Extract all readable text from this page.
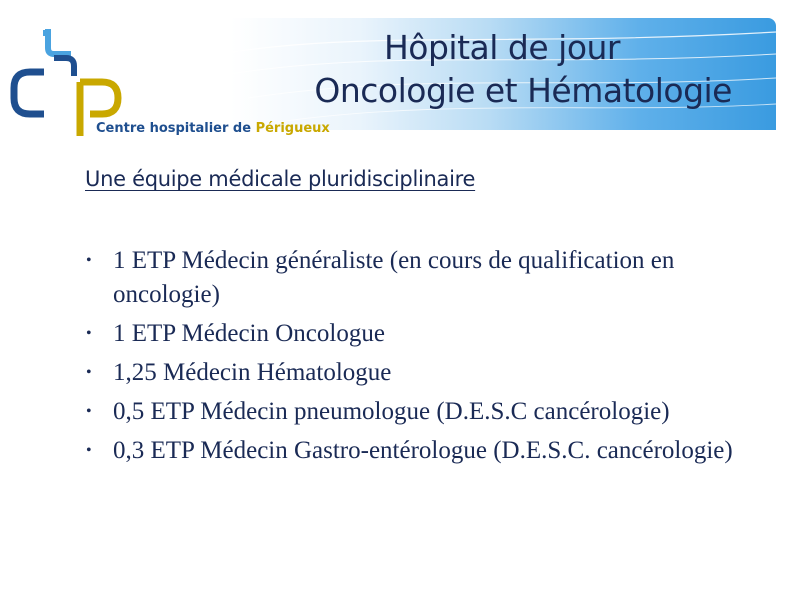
Centre hospitalier de Périgueux
Hôpital de jour
Oncologie et Hématologie
Une équipe médicale pluridisciplinaire
• 1 ETP Médecin généraliste (en cours de qualification en oncologie)
• 1 ETP Médecin Oncologue
• 1,25 Médecin Hématologue
• 0,5 ETP Médecin pneumologue (D.E.S.C cancérologie)
• 0,3 ETP Médecin Gastro-entérologue (D.E.S.C. cancérologie)
